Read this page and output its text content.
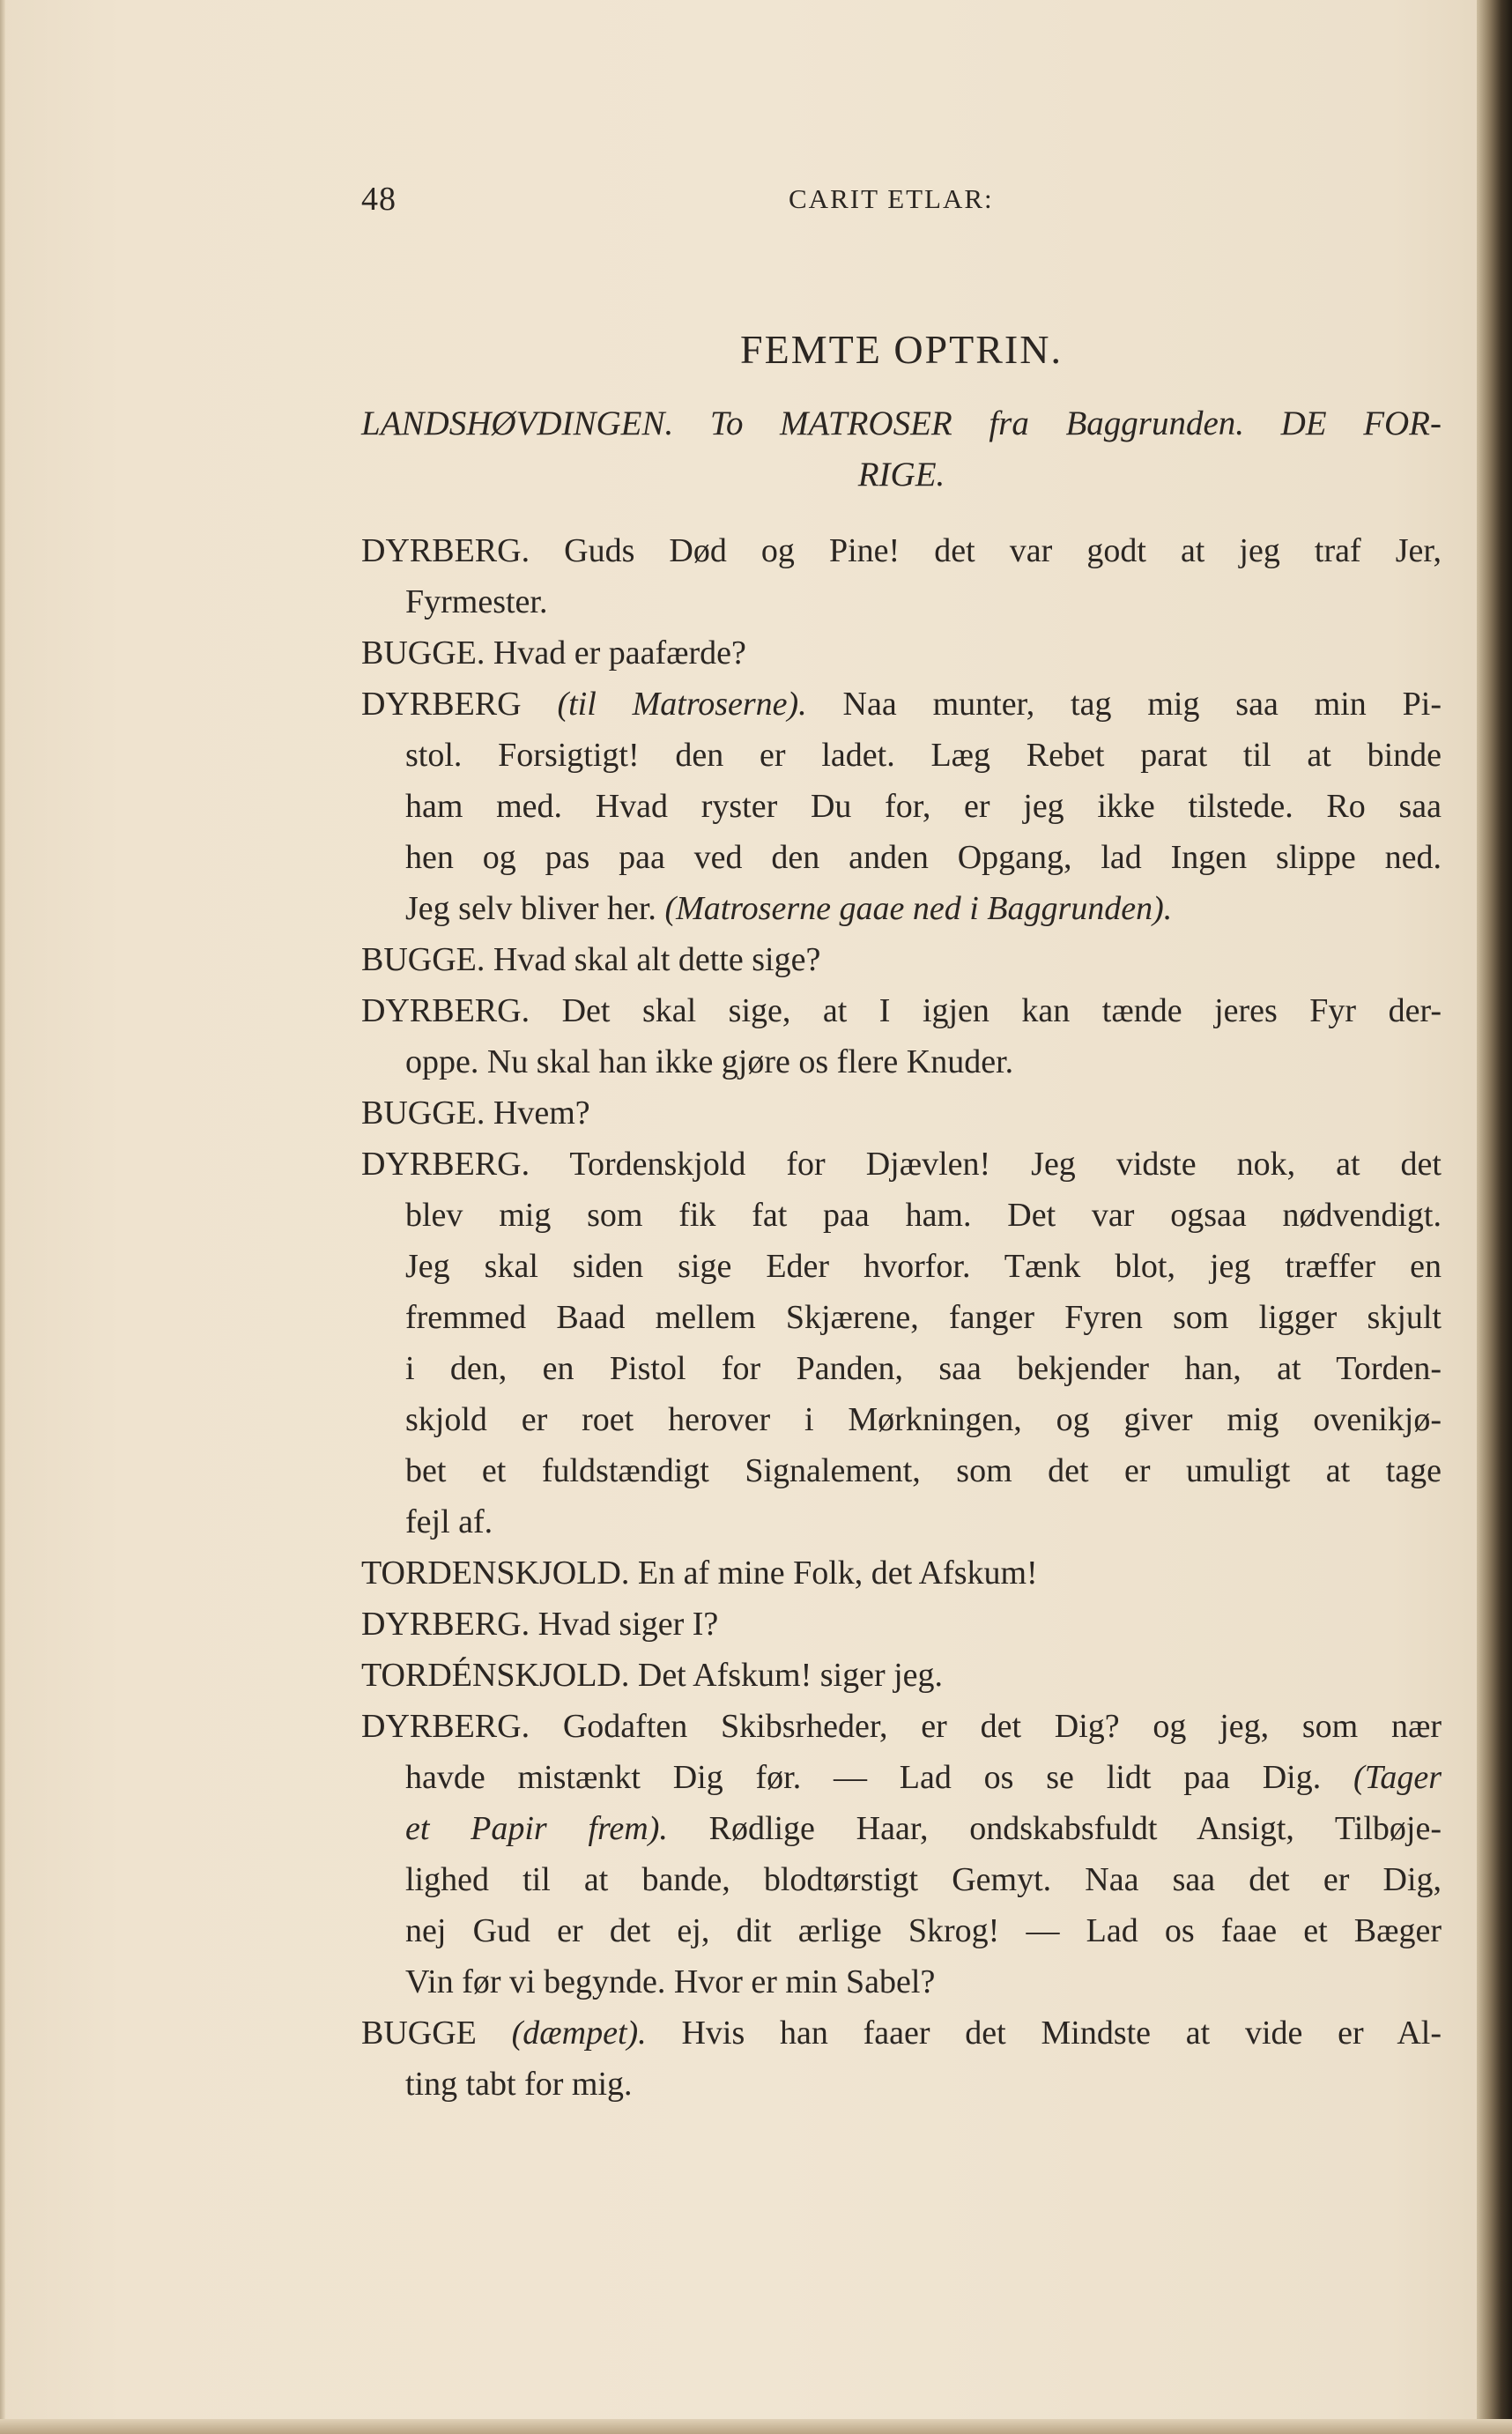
48	CARIT ETLAR:
FEMTE OPTRIN.
LANDSHØVDINGEN. To MATROSER fra Baggrunden. DE FOR-
RIGE.
DYRBERG. Guds Død og Pine! det var godt at jeg traf Jer,
Fyrmester.
BUGGE. Hvad er paafærde?
DYRBERG (til Matroserne). Naa munter, tag mig saa min Pi-
stol. Forsigtigt! den er ladet. Læg Rebet parat til at binde
ham med. Hvad ryster Du for, er jeg ikke tilstede. Ro saa
hen og pas paa ved den anden Opgang, lad Ingen slippe ned.
Jeg selv bliver her. (Matroserne gaae ned i Baggrunden).
BUGGE. Hvad skal alt dette sige?
DYRBERG. Det skal sige, at I igjen kan tænde jeres Fyr der-
oppe. Nu skal han ikke gjøre os flere Knuder.
BUGGE. Hvem?
DYRBERG. Tordenskjold for Djævlen! Jeg vidste nok, at det
blev mig som fik fat paa ham. Det var ogsaa nødvendigt.
Jeg skal siden sige Eder hvorfor. Tænk blot, jeg træffer en
fremmed Baad mellem Skjærene, fanger Fyren som ligger skjult
i den, en Pistol for Panden, saa bekjender han, at Torden-
skjold er roet herover i Mørkningen, og giver mig ovenikjø-
bet et fuldstændigt Signalement, som det er umuligt at tage
fejl af.
TORDENSKJOLD. En af mine Folk, det Afskum!
DYRBERG. Hvad siger I?
TORDÉNSKJOLD. Det Afskum! siger jeg.
DYRBERG. Godaften Skibsrheder, er det Dig? og jeg, som nær
havde mistænkt Dig før. — Lad os se lidt paa Dig. (Tager
et Papir frem). Rødlige Haar, ondskabsfuldt Ansigt, Tilbøje-
lighed til at bande, blodtørstigt Gemyt. Naa saa det er Dig,
nej Gud er det ej, dit ærlige Skrog! — Lad os faae et Bæger
Vin før vi begynde. Hvor er min Sabel?
BUGGE (dæmpet). Hvis han faaer det Mindste at vide er Al-
ting tabt for mig.
